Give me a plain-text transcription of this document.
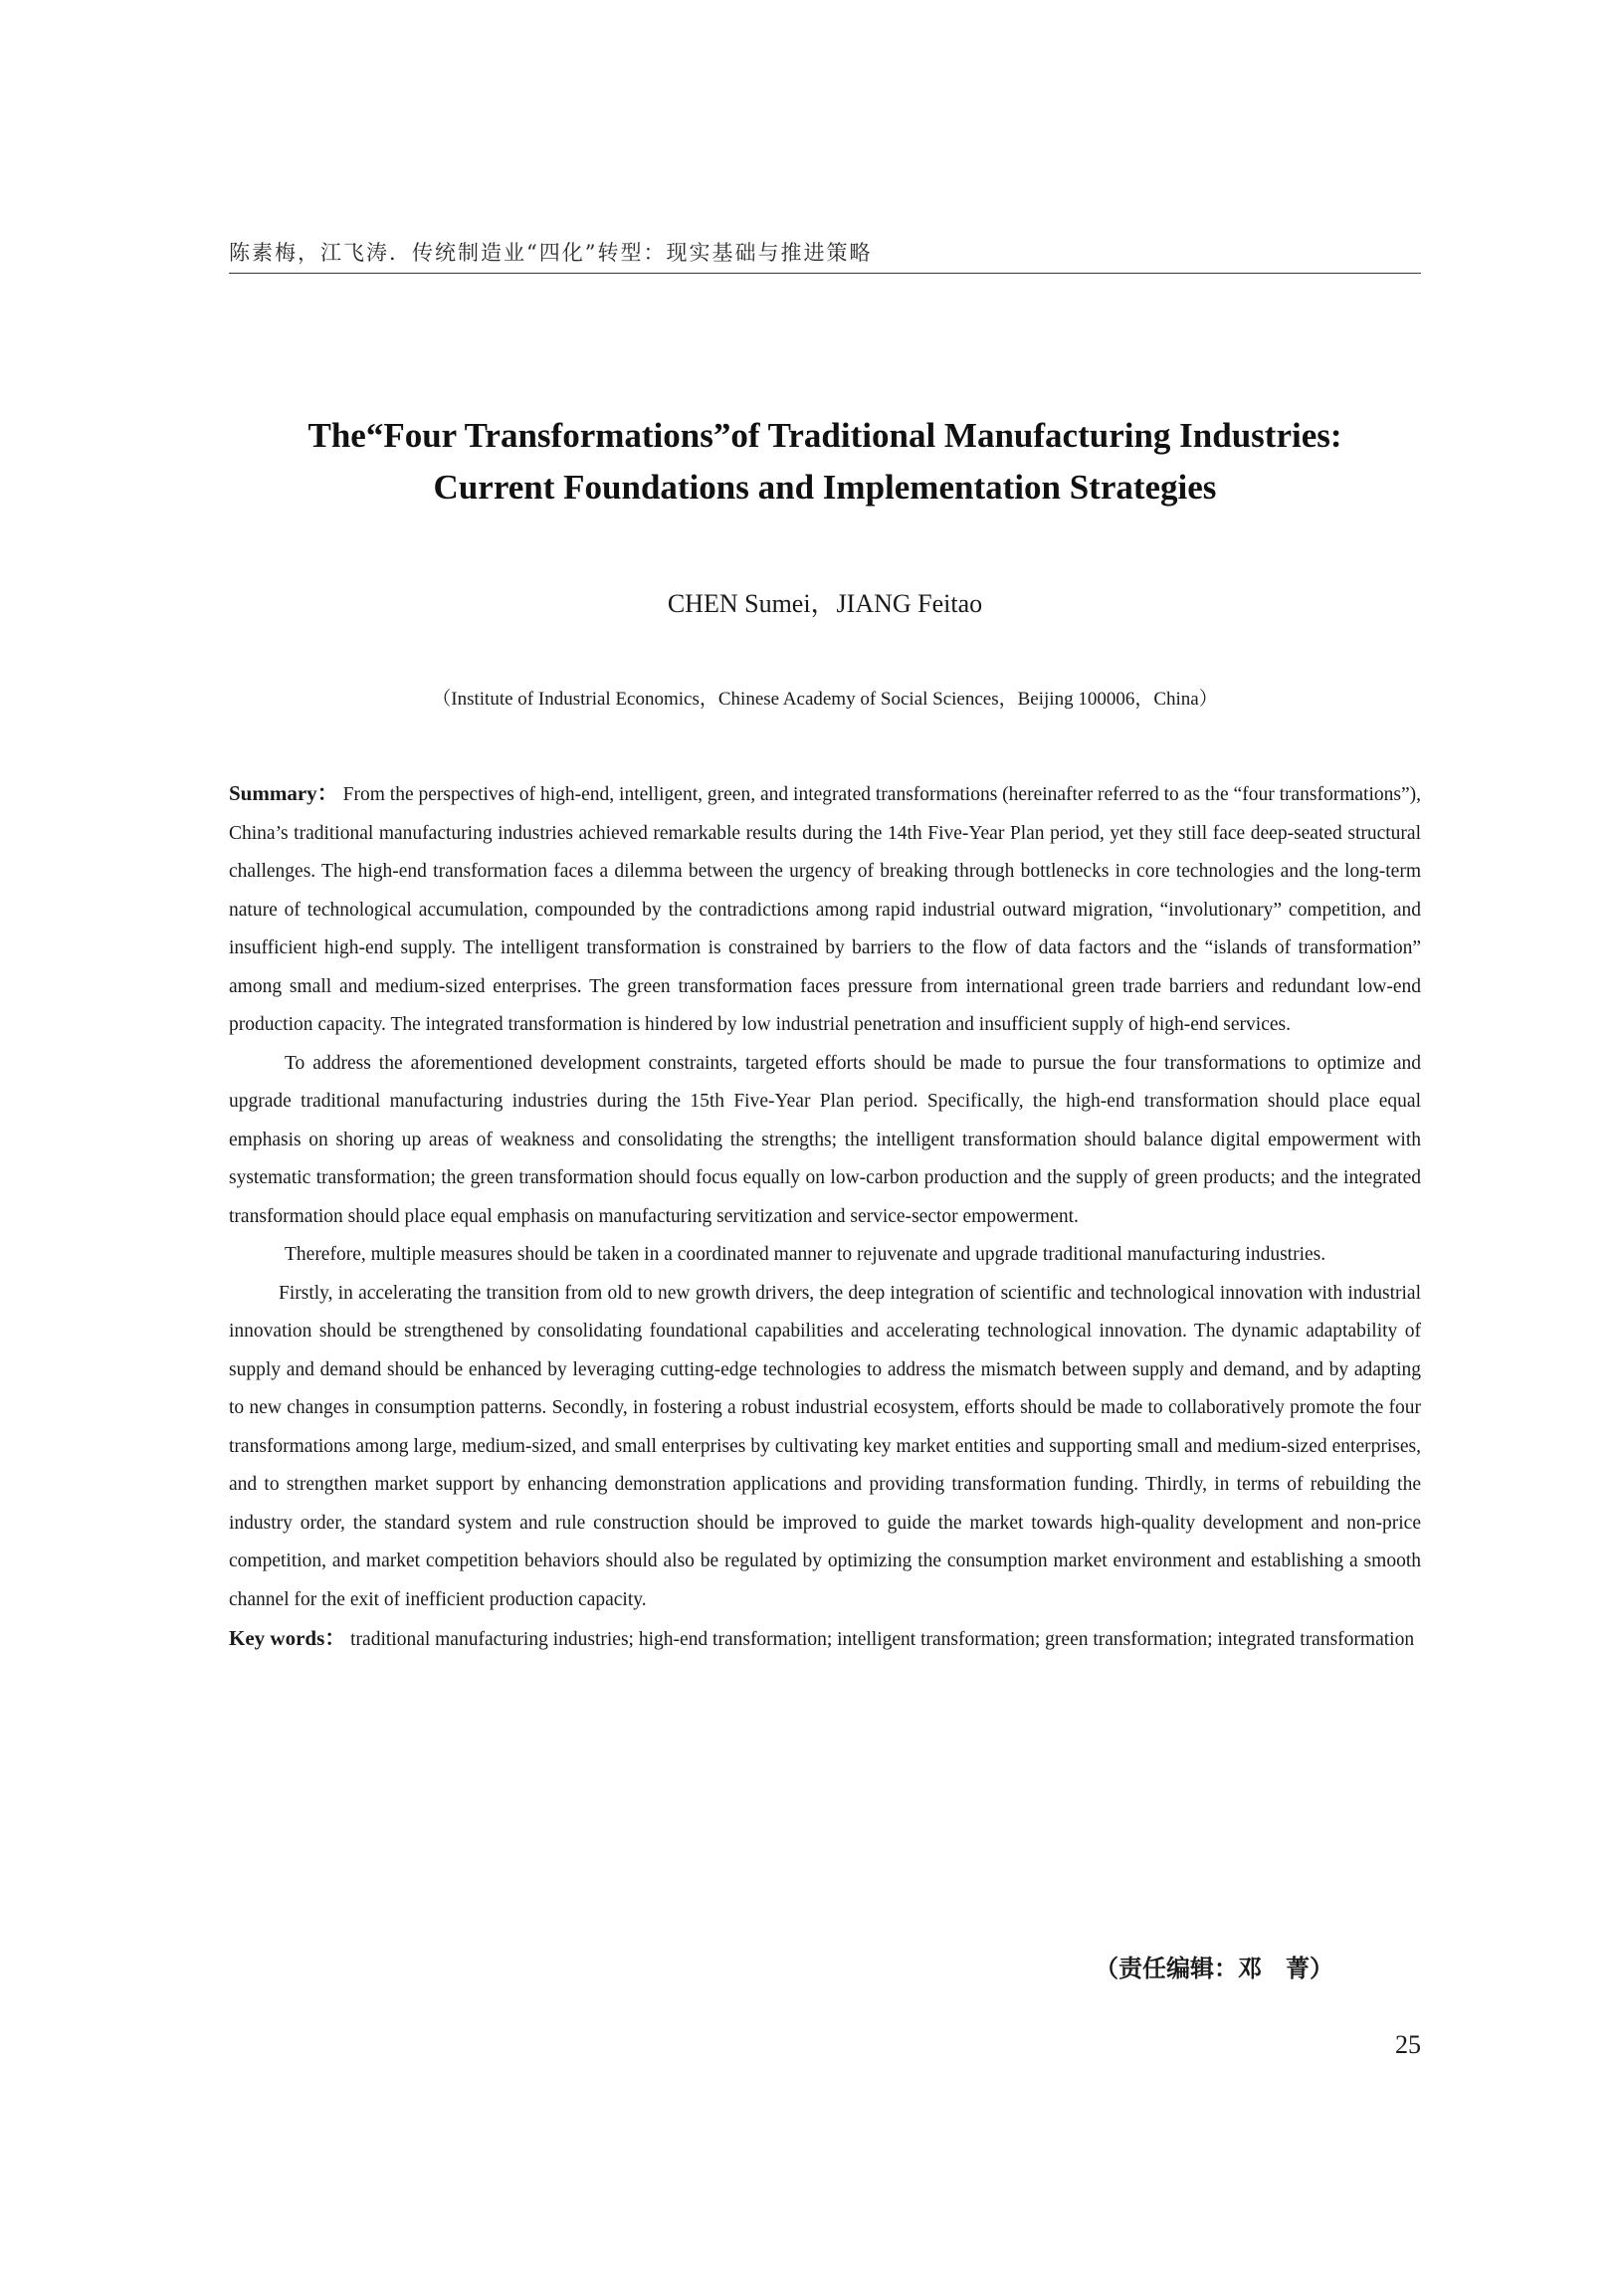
陈素梅，江飞涛．传统制造业“四化”转型：现实基础与推进策略
The“Four Transformations”of Traditional Manufacturing Industries:
Current Foundations and Implementation Strategies
CHEN Sumei，JIANG Feitao
（Institute of Industrial Economics，Chinese Academy of Social Sciences，Beijing 100006，China）

Summary： From the perspectives of high-end, intelligent, green, and integrated transformations (hereinafter referred to as the “four transformations”), China’s traditional manufacturing industries achieved remarkable results during the 14th Five-Year Plan period, yet they still face deep-seated structural challenges. The high-end transformation faces a dilemma between the urgency of breaking through bottlenecks in core technologies and the long-term nature of technological accumulation, compounded by the contradictions among rapid industrial outward migration, “involutionary” competition, and insufficient high-end supply. The intelligent transformation is constrained by barriers to the flow of data factors and the “islands of transformation” among small and medium-sized enterprises. The green transformation faces pressure from international green trade barriers and redundant low-end production capacity. The integrated transformation is hindered by low industrial penetration and insufficient supply of high-end services.

To address the aforementioned development constraints, targeted efforts should be made to pursue the four transformations to optimize and upgrade traditional manufacturing industries during the 15th Five-Year Plan period. Specifically, the high-end transformation should place equal emphasis on shoring up areas of weakness and consolidating the strengths; the intelligent transformation should balance digital empowerment with systematic transformation; the green transformation should focus equally on low-carbon production and the supply of green products; and the integrated transformation should place equal emphasis on manufacturing servitization and service-sector empowerment.

Therefore, multiple measures should be taken in a coordinated manner to rejuvenate and upgrade traditional manufacturing industries.

Firstly, in accelerating the transition from old to new growth drivers, the deep integration of scientific and technological innovation with industrial innovation should be strengthened by consolidating foundational capabilities and accelerating technological innovation. The dynamic adaptability of supply and demand should be enhanced by leveraging cutting-edge technologies to address the mismatch between supply and demand, and by adapting to new changes in consumption patterns. Secondly, in fostering a robust industrial ecosystem, efforts should be made to collaboratively promote the four transformations among large, medium-sized, and small enterprises by cultivating key market entities and supporting small and medium-sized enterprises, and to strengthen market support by enhancing demonstration applications and providing transformation funding. Thirdly, in terms of rebuilding the industry order, the standard system and rule construction should be improved to guide the market towards high-quality development and non-price competition, and market competition behaviors should also be regulated by optimizing the consumption market environment and establishing a smooth channel for the exit of inefficient production capacity.

Key words： traditional manufacturing industries; high-end transformation; intelligent transformation; green transformation; integrated transformation

（责任编辑：邓　菁）
25
